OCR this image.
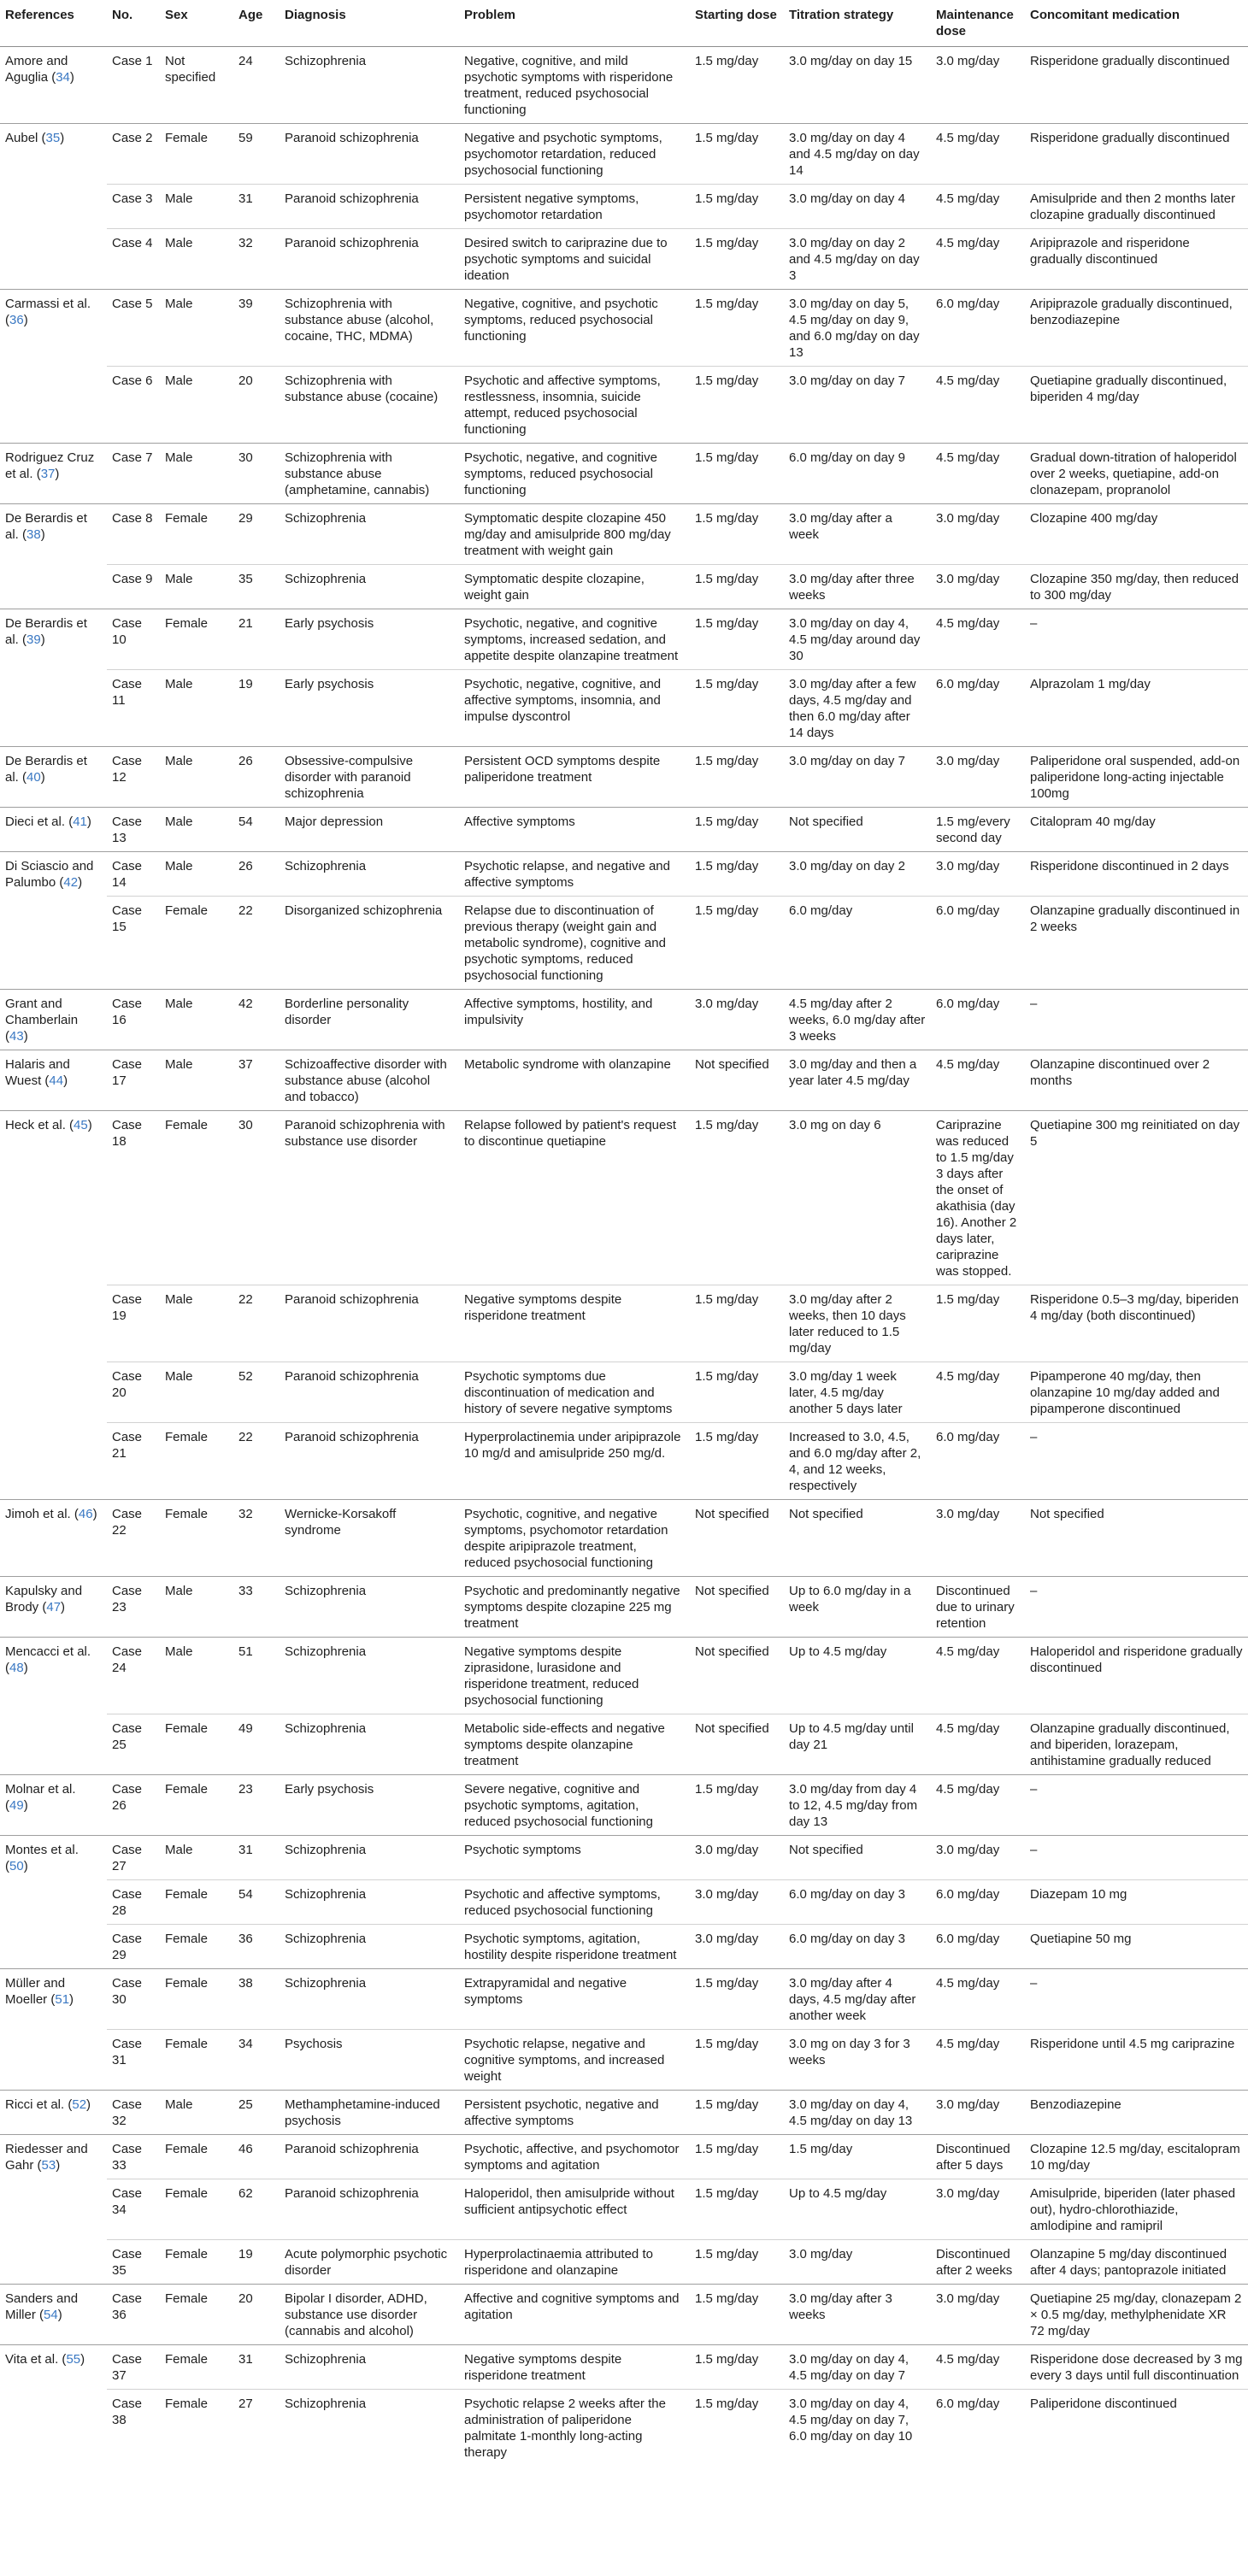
References	No.	Sex	Age	Diagnosis	Problem	Starting dose	Titration strategy	Maintenance dose	Concomitant medication
Amore and Aguglia (34)	Case 1	Not specified	24	Schizophrenia	Negative, cognitive, and mild psychotic symptoms with risperidone treatment, reduced psychosocial functioning	1.5 mg/day	3.0 mg/day on day 15	3.0 mg/day	Risperidone gradually discontinued
Aubel (35)	Case 2	Female	59	Paranoid schizophrenia	Negative and psychotic symptoms, psychomotor retardation, reduced psychosocial functioning	1.5 mg/day	3.0 mg/day on day 4 and 4.5 mg/day on day 14	4.5 mg/day	Risperidone gradually discontinued
	Case 3	Male	31	Paranoid schizophrenia	Persistent negative symptoms, psychomotor retardation	1.5 mg/day	3.0 mg/day on day 4	4.5 mg/day	Amisulpride and then 2 months later clozapine gradually discontinued
	Case 4	Male	32	Paranoid schizophrenia	Desired switch to cariprazine due to psychotic symptoms and suicidal ideation	1.5 mg/day	3.0 mg/day on day 2 and 4.5 mg/day on day 3	4.5 mg/day	Aripiprazole and risperidone gradually discontinued
Carmassi et al. (36)	Case 5	Male	39	Schizophrenia with substance abuse (alcohol, cocaine, THC, MDMA)	Negative, cognitive, and psychotic symptoms, reduced psychosocial functioning	1.5 mg/day	3.0 mg/day on day 5, 4.5 mg/day on day 9, and 6.0 mg/day on day 13	6.0 mg/day	Aripiprazole gradually discontinued, benzodiazepine
	Case 6	Male	20	Schizophrenia with substance abuse (cocaine)	Psychotic and affective symptoms, restlessness, insomnia, suicide attempt, reduced psychosocial functioning	1.5 mg/day	3.0 mg/day on day 7	4.5 mg/day	Quetiapine gradually discontinued, biperiden 4 mg/day
Rodriguez Cruz et al. (37)	Case 7	Male	30	Schizophrenia with substance abuse (amphetamine, cannabis)	Psychotic, negative, and cognitive symptoms, reduced psychosocial functioning	1.5 mg/day	6.0 mg/day on day 9	4.5 mg/day	Gradual down-titration of haloperidol over 2 weeks, quetiapine, add-on clonazepam, propranolol
De Berardis et al. (38)	Case 8	Female	29	Schizophrenia	Symptomatic despite clozapine 450 mg/day and amisulpride 800 mg/day treatment with weight gain	1.5 mg/day	3.0 mg/day after a week	3.0 mg/day	Clozapine 400 mg/day
	Case 9	Male	35	Schizophrenia	Symptomatic despite clozapine, weight gain	1.5 mg/day	3.0 mg/day after three weeks	3.0 mg/day	Clozapine 350 mg/day, then reduced to 300 mg/day
De Berardis et al. (39)	Case 10	Female	21	Early psychosis	Psychotic, negative, and cognitive symptoms, increased sedation, and appetite despite olanzapine treatment	1.5 mg/day	3.0 mg/day on day 4, 4.5 mg/day around day 30	4.5 mg/day	–
	Case 11	Male	19	Early psychosis	Psychotic, negative, cognitive, and affective symptoms, insomnia, and impulse dyscontrol	1.5 mg/day	3.0 mg/day after a few days, 4.5 mg/day and then 6.0 mg/day after 14 days	6.0 mg/day	Alprazolam 1 mg/day
De Berardis et al. (40)	Case 12	Male	26	Obsessive-compulsive disorder with paranoid schizophrenia	Persistent OCD symptoms despite paliperidone treatment	1.5 mg/day	3.0 mg/day on day 7	3.0 mg/day	Paliperidone oral suspended, add-on paliperidone long-acting injectable 100mg
Dieci et al. (41)	Case 13	Male	54	Major depression	Affective symptoms	1.5 mg/day	Not specified	1.5 mg/every second day	Citalopram 40 mg/day
Di Sciascio and Palumbo (42)	Case 14	Male	26	Schizophrenia	Psychotic relapse, and negative and affective symptoms	1.5 mg/day	3.0 mg/day on day 2	3.0 mg/day	Risperidone discontinued in 2 days
	Case 15	Female	22	Disorganized schizophrenia	Relapse due to discontinuation of previous therapy (weight gain and metabolic syndrome), cognitive and psychotic symptoms, reduced psychosocial functioning	1.5 mg/day	6.0 mg/day	6.0 mg/day	Olanzapine gradually discontinued in 2 weeks
Grant and Chamberlain (43)	Case 16	Male	42	Borderline personality disorder	Affective symptoms, hostility, and impulsivity	3.0 mg/day	4.5 mg/day after 2 weeks, 6.0 mg/day after 3 weeks	6.0 mg/day	–
Halaris and Wuest (44)	Case 17	Male	37	Schizoaffective disorder with substance abuse (alcohol and tobacco)	Metabolic syndrome with olanzapine	Not specified	3.0 mg/day and then a year later 4.5 mg/day	4.5 mg/day	Olanzapine discontinued over 2 months
Heck et al. (45)	Case 18	Female	30	Paranoid schizophrenia with substance use disorder	Relapse followed by patient's request to discontinue quetiapine	1.5 mg/day	3.0 mg on day 6	Cariprazine was reduced to 1.5 mg/day 3 days after the onset of akathisia (day 16). Another 2 days later, cariprazine was stopped.	Quetiapine 300 mg reinitiated on day 5
	Case 19	Male	22	Paranoid schizophrenia	Negative symptoms despite risperidone treatment	1.5 mg/day	3.0 mg/day after 2 weeks, then 10 days later reduced to 1.5 mg/day	1.5 mg/day	Risperidone 0.5–3 mg/day, biperiden 4 mg/day (both discontinued)
	Case 20	Male	52	Paranoid schizophrenia	Psychotic symptoms due discontinuation of medication and history of severe negative symptoms	1.5 mg/day	3.0 mg/day 1 week later, 4.5 mg/day another 5 days later	4.5 mg/day	Pipamperone 40 mg/day, then olanzapine 10 mg/day added and pipamperone discontinued
	Case 21	Female	22	Paranoid schizophrenia	Hyperprolactinemia under aripiprazole 10 mg/d and amisulpride 250 mg/d.	1.5 mg/day	Increased to 3.0, 4.5, and 6.0 mg/day after 2, 4, and 12 weeks, respectively	6.0 mg/day	–
Jimoh et al. (46)	Case 22	Female	32	Wernicke-Korsakoff syndrome	Psychotic, cognitive, and negative symptoms, psychomotor retardation despite aripiprazole treatment, reduced psychosocial functioning	Not specified	Not specified	3.0 mg/day	Not specified
Kapulsky and Brody (47)	Case 23	Male	33	Schizophrenia	Psychotic and predominantly negative symptoms despite clozapine 225 mg treatment	Not specified	Up to 6.0 mg/day in a week	Discontinued due to urinary retention	–
Mencacci et al. (48)	Case 24	Male	51	Schizophrenia	Negative symptoms despite ziprasidone, lurasidone and risperidone treatment, reduced psychosocial functioning	Not specified	Up to 4.5 mg/day	4.5 mg/day	Haloperidol and risperidone gradually discontinued
	Case 25	Female	49	Schizophrenia	Metabolic side-effects and negative symptoms despite olanzapine treatment	Not specified	Up to 4.5 mg/day until day 21	4.5 mg/day	Olanzapine gradually discontinued, and biperiden, lorazepam, antihistamine gradually reduced
Molnar et al. (49)	Case 26	Female	23	Early psychosis	Severe negative, cognitive and psychotic symptoms, agitation, reduced psychosocial functioning	1.5 mg/day	3.0 mg/day from day 4 to 12, 4.5 mg/day from day 13	4.5 mg/day	–
Montes et al. (50)	Case 27	Male	31	Schizophrenia	Psychotic symptoms	3.0 mg/day	Not specified	3.0 mg/day	–
	Case 28	Female	54	Schizophrenia	Psychotic and affective symptoms, reduced psychosocial functioning	3.0 mg/day	6.0 mg/day on day 3	6.0 mg/day	Diazepam 10 mg
	Case 29	Female	36	Schizophrenia	Psychotic symptoms, agitation, hostility despite risperidone treatment	3.0 mg/day	6.0 mg/day on day 3	6.0 mg/day	Quetiapine 50 mg
Müller and Moeller (51)	Case 30	Female	38	Schizophrenia	Extrapyramidal and negative symptoms	1.5 mg/day	3.0 mg/day after 4 days, 4.5 mg/day after another week	4.5 mg/day	–
	Case 31	Female	34	Psychosis	Psychotic relapse, negative and cognitive symptoms, and increased weight	1.5 mg/day	3.0 mg on day 3 for 3 weeks	4.5 mg/day	Risperidone until 4.5 mg cariprazine
Ricci et al. (52)	Case 32	Male	25	Methamphetamine-induced psychosis	Persistent psychotic, negative and affective symptoms	1.5 mg/day	3.0 mg/day on day 4, 4.5 mg/day on day 13	3.0 mg/day	Benzodiazepine
Riedesser and Gahr (53)	Case 33	Female	46	Paranoid schizophrenia	Psychotic, affective, and psychomotor symptoms and agitation	1.5 mg/day	1.5 mg/day	Discontinued after 5 days	Clozapine 12.5 mg/day, escitalopram 10 mg/day
	Case 34	Female	62	Paranoid schizophrenia	Haloperidol, then amisulpride without sufficient antipsychotic effect	1.5 mg/day	Up to 4.5 mg/day	3.0 mg/day	Amisulpride, biperiden (later phased out), hydro-chlorothiazide, amlodipine and ramipril
	Case 35	Female	19	Acute polymorphic psychotic disorder	Hyperprolactinaemia attributed to risperidone and olanzapine	1.5 mg/day	3.0 mg/day	Discontinued after 2 weeks	Olanzapine 5 mg/day discontinued after 4 days; pantoprazole initiated
Sanders and Miller (54)	Case 36	Female	20	Bipolar I disorder, ADHD, substance use disorder (cannabis and alcohol)	Affective and cognitive symptoms and agitation	1.5 mg/day	3.0 mg/day after 3 weeks	3.0 mg/day	Quetiapine 25 mg/day, clonazepam 2 × 0.5 mg/day, methylphenidate XR 72 mg/day
Vita et al. (55)	Case 37	Female	31	Schizophrenia	Negative symptoms despite risperidone treatment	1.5 mg/day	3.0 mg/day on day 4, 4.5 mg/day on day 7	4.5 mg/day	Risperidone dose decreased by 3 mg every 3 days until full discontinuation
	Case 38	Female	27	Schizophrenia	Psychotic relapse 2 weeks after the administration of paliperidone palmitate 1-monthly long-acting therapy	1.5 mg/day	3.0 mg/day on day 4, 4.5 mg/day on day 7, 6.0 mg/day on day 10	6.0 mg/day	Paliperidone discontinued
